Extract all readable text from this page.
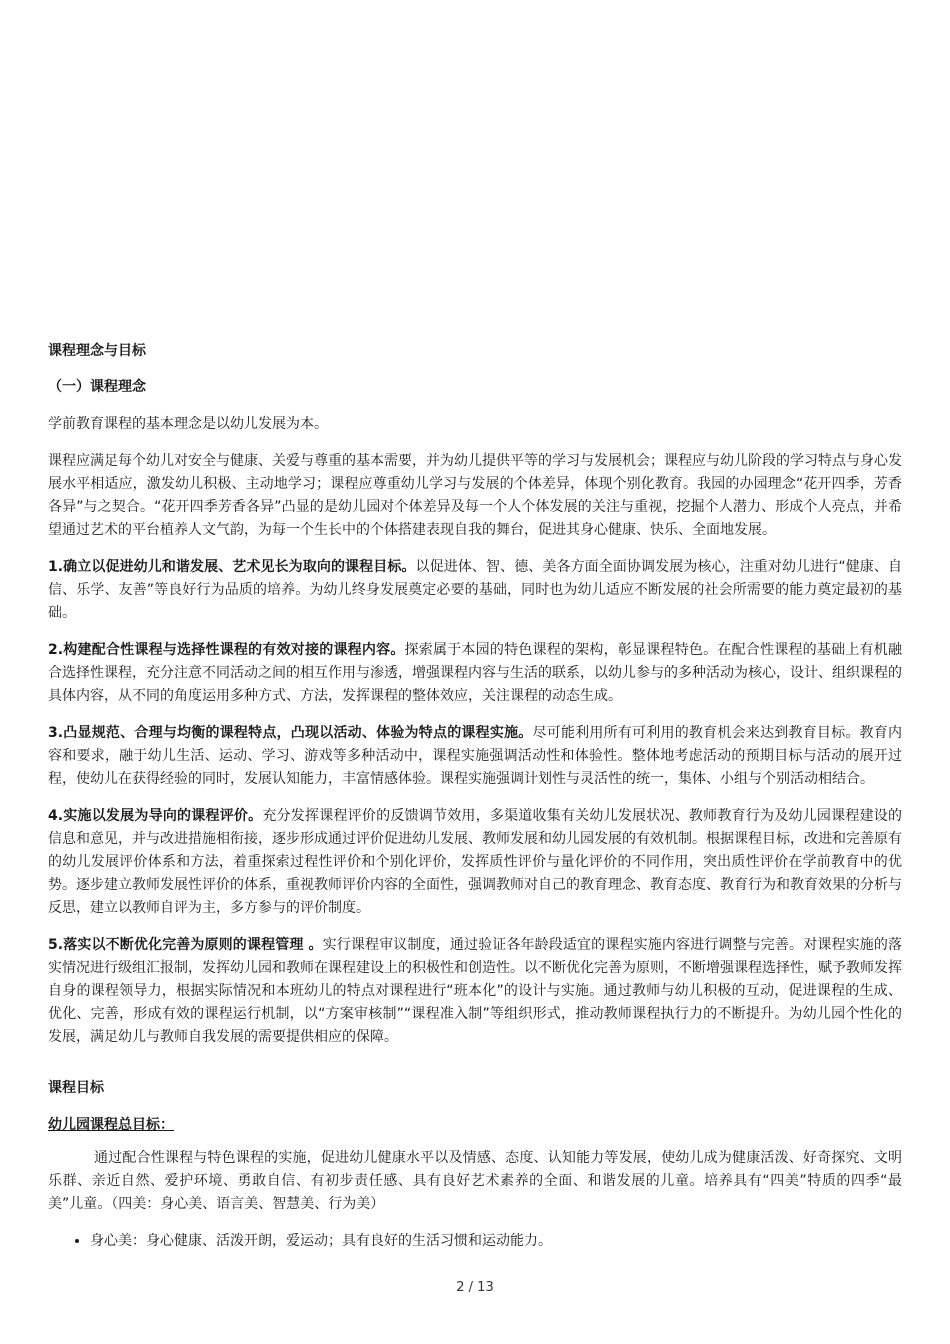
课程理念与目标
（一）课程理念

学前教育课程的基本理念是以幼儿发展为本。

课程应满足每个幼儿对安全与健康、关爱与尊重的基本需要，并为幼儿提供平等的学习与发展机会；课程应与幼儿阶段的学习特点与身心发展水平相适应，激发幼儿积极、主动地学习；课程应尊重幼儿学习与发展的个体差异，体现个别化教育。我园的办园理念“花开四季，芳香各异”与之契合。“花开四季芳香各异”凸显的是幼儿园对个体差异及每一个人个体发展的关注与重视，挖掘个人潜力、形成个人亮点，并希望通过艺术的平台植养人文气韵，为每一个生长中的个体搭建表现自我的舞台，促进其身心健康、快乐、全面地发展。

1.确立以促进幼儿和谐发展、艺术见长为取向的课程目标。以促进体、智、德、美各方面全面协调发展为核心，注重对幼儿进行“健康、自信、乐学、友善”等良好行为品质的培养。为幼儿终身发展奠定必要的基础，同时也为幼儿适应不断发展的社会所需要的能力奠定最初的基础。

2.构建配合性课程与选择性课程的有效对接的课程内容。探索属于本园的特色课程的架构，彰显课程特色。在配合性课程的基础上有机融合选择性课程，充分注意不同活动之间的相互作用与渗透，增强课程内容与生活的联系，以幼儿参与的多种活动为核心，设计、组织课程的具体内容，从不同的角度运用多种方式、方法，发挥课程的整体效应，关注课程的动态生成。

3.凸显规范、合理与均衡的课程特点，凸现以活动、体验为特点的课程实施。尽可能利用所有可利用的教育机会来达到教育目标。教育内容和要求，融于幼儿生活、运动、学习、游戏等多种活动中，课程实施强调活动性和体验性。整体地考虑活动的预期目标与活动的展开过程，使幼儿在获得经验的同时，发展认知能力，丰富情感体验。课程实施强调计划性与灵活性的统一，集体、小组与个别活动相结合。

4.实施以发展为导向的课程评价。充分发挥课程评价的反馈调节效用，多渠道收集有关幼儿发展状况、教师教育行为及幼儿园课程建设的信息和意见，并与改进措施相衔接，逐步形成通过评价促进幼儿发展、教师发展和幼儿园发展的有效机制。根据课程目标，改进和完善原有的幼儿发展评价体系和方法，着重探索过程性评价和个别化评价，发挥质性评价与量化评价的不同作用，突出质性评价在学前教育中的优势。逐步建立教师发展性评价的体系，重视教师评价内容的全面性，强调教师对自己的教育理念、教育态度、教育行为和教育效果的分析与反思，建立以教师自评为主，多方参与的评价制度。

5.落实以不断优化完善为原则的课程管理 。实行课程审议制度，通过验证各年龄段适宜的课程实施内容进行调整与完善。对课程实施的落实情况进行级组汇报制，发挥幼儿园和教师在课程建设上的积极性和创造性。以不断优化完善为原则，不断增强课程选择性，赋予教师发挥自身的课程领导力，根据实际情况和本班幼儿的特点对课程进行“班本化”的设计与实施。通过教师与幼儿积极的互动，促进课程的生成、优化、完善，形成有效的课程运行机制，以“方案审核制”“课程准入制”等组织形式，推动教师课程执行力的不断提升。为幼儿园个性化的发展，满足幼儿与教师自我发展的需要提供相应的保障。

课程目标
幼儿园课程总目标：

通过配合性课程与特色课程的实施，促进幼儿健康水平以及情感、态度、认知能力等发展，使幼儿成为健康活泼、好奇探究、文明乐群、亲近自然、爱护环境、勇敢自信、有初步责任感、具有良好艺术素养的全面、和谐发展的儿童。培养具有“四美”特质的四季“最美”儿童。（四美：身心美、语言美、智慧美、行为美）

• 身心美：身心健康、活泼开朗，爱运动；具有良好的生活习惯和运动能力。
2 / 13
